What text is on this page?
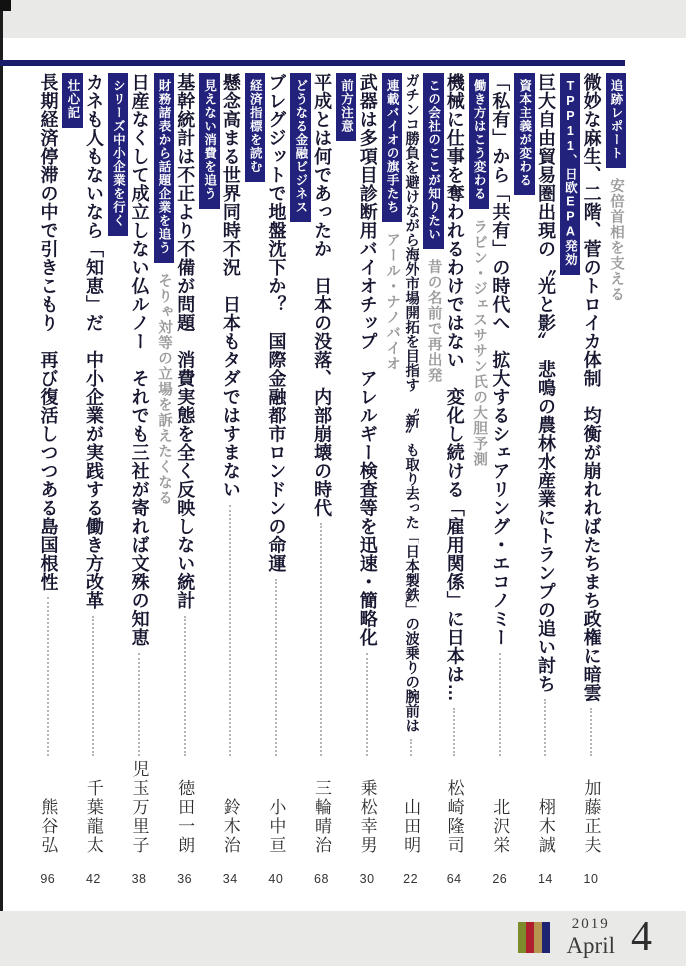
微妙な麻生、二階、菅のトロイカ体制　均衡が崩れればたちまち政権に暗雲
加藤正夫
10
追跡レポート安倍首相を支える
巨大自由貿易圏出現の〝光と影〟　悲鳴の農林水産業にトランプの追い討ち
栩木誠
14
TPP11、日欧EPA発効
「私有」から「共有」の時代へ　拡大するシェアリング・エコノミー
北沢栄
26
資本主義が変わる
機械に仕事を奪われるわけではない　変化し続ける「雇用関係」に日本は…
松崎隆司
64
働き方はこう変わるラビン・ジェスササン氏の大胆予測
ガチンコ勝負を避けながら海外市場開拓を目指す　〝新〟も取り去った「日本製鉄」の波乗りの腕前は
山田明
22
この会社のここが知りたい昔の名前で再出発
武器は多項目診断用バイオチップ　アレルギー検査等を迅速・簡略化
乗松幸男
30
連載バイオの旗手たちアール・ナノバイオ
平成とは何であったか　日本の没落、内部崩壊の時代
三輪晴治
68
前方注意
ブレグジットで地盤沈下か？　国際金融都市ロンドンの命運
小中亘
40
どうなる金融ビジネス
懸念高まる世界同時不況　日本もタダではすまない
鈴木治
34
経済指標を読む
基幹統計は不正より不備が問題　消費実態を全く反映しない統計
徳田一朗
36
見えない消費を追う
日産なくして成立しない仏ルノー　それでも三社が寄れば文殊の知恵
児玉万里子
38
財務諸表から話題企業を追うそりゃ対等の立場を訴えたくなる
カネも人もないなら「知恵」だ　中小企業が実践する働き方改革
千葉龍太
42
シリーズ中小企業を行く
長期経済停滞の中で引きこもり　再び復活しつつある島国根性
熊谷弘
96
壮心記
2019
April 4
